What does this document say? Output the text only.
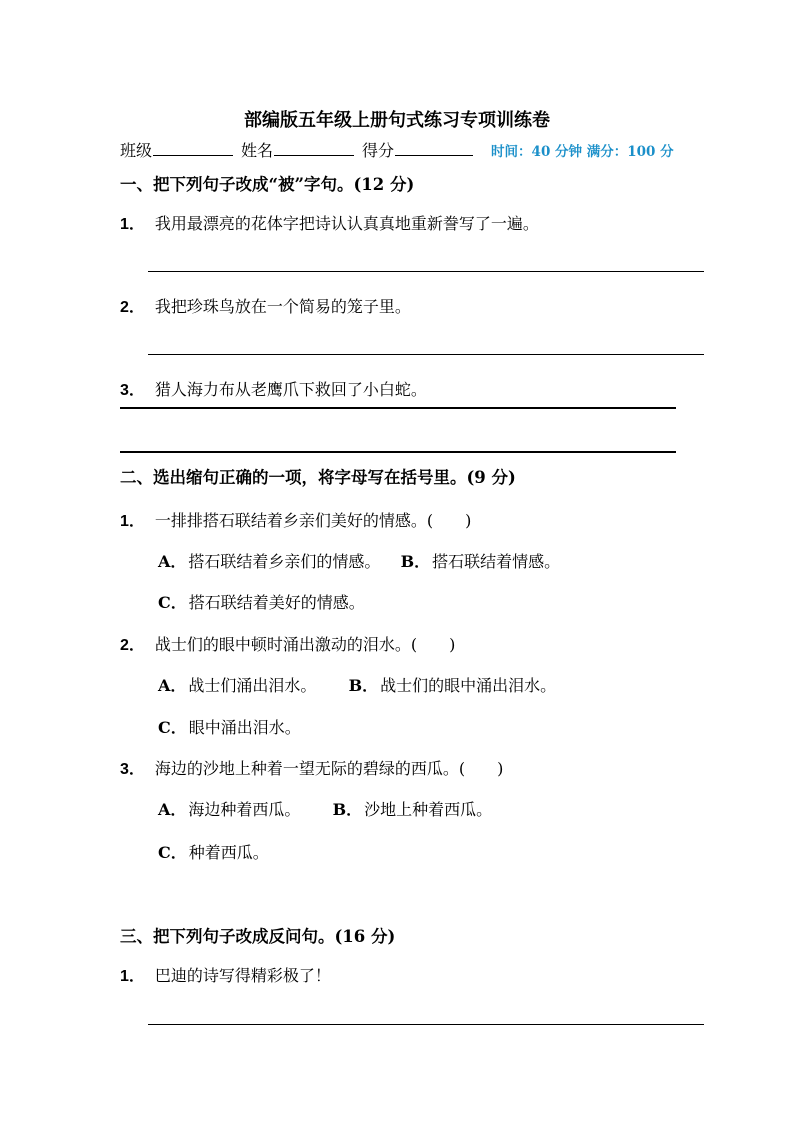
部编版五年级上册句式练习专项训练卷
班级	姓名	得分	时间：40 分钟 满分：100 分
一、把下列句子改成“被”字句。(12 分)
1． 我用最漂亮的花体字把诗认认真真地重新誊写了一遍。
2． 我把珍珠鸟放在一个简易的笼子里。
3． 猎人海力布从老鹰爪下救回了小白蛇。
二、选出缩句正确的一项，将字母写在括号里。(9 分)
1． 一排排搭石联结着乡亲们美好的情感。( )
A． 搭石联结着乡亲们的情感。 B． 搭石联结着情感。
C． 搭石联结着美好的情感。
2． 战士们的眼中顿时涌出激动的泪水。( )
A． 战士们涌出泪水。 B． 战士们的眼中涌出泪水。
C． 眼中涌出泪水。
3． 海边的沙地上种着一望无际的碧绿的西瓜。( )
A． 海边种着西瓜。 B． 沙地上种着西瓜。
C． 种着西瓜。
三、把下列句子改成反问句。(16 分)
1． 巴迪的诗写得精彩极了！
